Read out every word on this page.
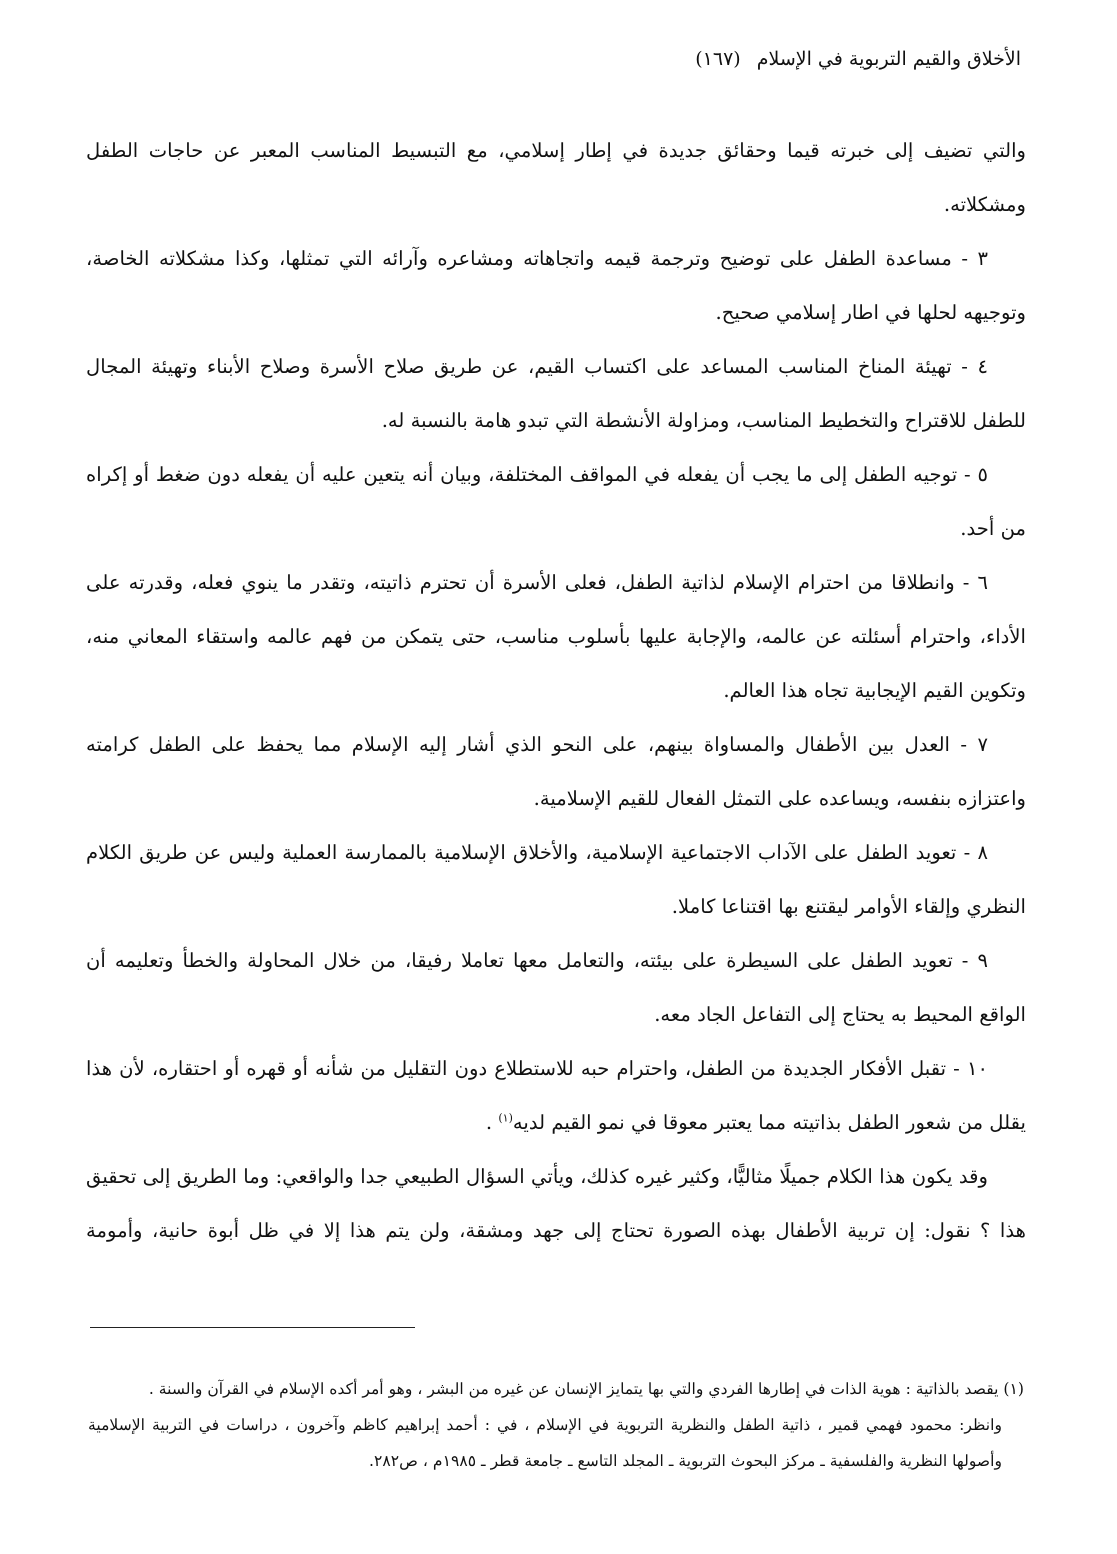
الأخلاق والقيم التربوية في الإسلام (١٦٧)

والتي تضيف إلى خبرته قيما وحقائق جديدة في إطار إسلامي، مع التبسيط المناسب المعبر عن حاجات الطفل ومشكلاته.

٣ - مساعدة الطفل على توضيح وترجمة قيمه واتجاهاته ومشاعره وآرائه التي تمثلها، وكذا مشكلاته الخاصة، وتوجيهه لحلها في اطار إسلامي صحيح.

٤ - تهيئة المناخ المناسب المساعد على اكتساب القيم، عن طريق صلاح الأسرة وصلاح الأبناء وتهيئة المجال للطفل للاقتراح والتخطيط المناسب، ومزاولة الأنشطة التي تبدو هامة بالنسبة له.

٥ - توجيه الطفل إلى ما يجب أن يفعله في المواقف المختلفة، وبيان أنه يتعين عليه أن يفعله دون ضغط أو إكراه من أحد.

٦ - وانطلاقا من احترام الإسلام لذاتية الطفل، فعلى الأسرة أن تحترم ذاتيته، وتقدر ما ينوي فعله، وقدرته على الأداء، واحترام أسئلته عن عالمه، والإجابة عليها بأسلوب مناسب، حتى يتمكن من فهم عالمه واستقاء المعاني منه، وتكوين القيم الإيجابية تجاه هذا العالم.

٧ - العدل بين الأطفال والمساواة بينهم، على النحو الذي أشار إليه الإسلام مما يحفظ على الطفل كرامته واعتزازه بنفسه، ويساعده على التمثل الفعال للقيم الإسلامية.

٨ - تعويد الطفل على الآداب الاجتماعية الإسلامية، والأخلاق الإسلامية بالممارسة العملية وليس عن طريق الكلام النظري وإلقاء الأوامر ليقتنع بها اقتناعا كاملا.

٩ - تعويد الطفل على السيطرة على بيئته، والتعامل معها تعاملا رفيقا، من خلال المحاولة والخطأ وتعليمه أن الواقع المحيط به يحتاج إلى التفاعل الجاد معه.

١٠ - تقبل الأفكار الجديدة من الطفل، واحترام حبه للاستطلاع دون التقليل من شأنه أو قهره أو احتقاره، لأن هذا يقلل من شعور الطفل بذاتيته مما يعتبر معوقا في نمو القيم لديه$^{(١)}$ .

وقد يكون هذا الكلام جميلًا مثاليًّا، وكثير غيره كذلك، ويأتي السؤال الطبيعي جدا والواقعي: وما الطريق إلى تحقيق هذا ؟ نقول: إن تربية الأطفال بهذه الصورة تحتاج إلى جهد ومشقة، ولن يتم هذا إلا في ظل أبوة حانية، وأمومة

(١) يقصد بالذاتية : هوية الذات في إطارها الفردي والتي بها يتمايز الإنسان عن غيره من البشر ، وهو أمر أكده الإسلام في القرآن والسنة .

وانظر: محمود فهمي قمير ، ذاتية الطفل والنظرية التربوية في الإسلام ، في : أحمد إبراهيم كاظم وآخرون ، دراسات في التربية الإسلامية وأصولها النظرية والفلسفية ـ مركز البحوث التربوية ـ المجلد التاسع ـ جامعة قطر ـ ١٩٨٥م ، ص٢٨٢.
